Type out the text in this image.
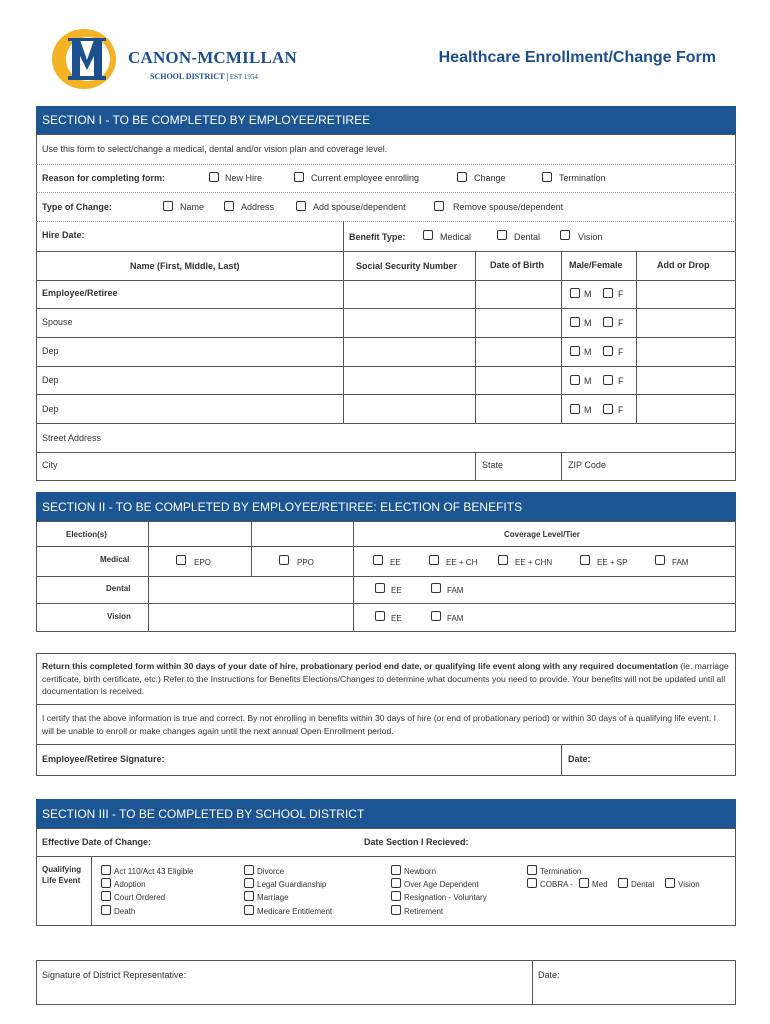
CANON-MCMILLAN
SCHOOL DISTRICT | EST 1954
Healthcare Enrollment/Change Form
SECTION I - TO BE COMPLETED BY EMPLOYEE/RETIREE
Use this form to select/change a medical, dental and/or vision plan and coverage level.
Reason for completing form:	New Hire	Current employee enrolling	Change	Termination
Type of Change:	Name	Address	Add spouse/dependent	Remove spouse/dependent
Hire Date:	Benefit Type:	Medical	Dental	Vision
Name (First, Middle, Last)	Social Security Number	Date of Birth	Male/Female	Add or Drop
Employee/Retiree	M	F
Spouse	M	F
Dep	M	F
Dep	M	F
Dep	M	F
Street Address
City	State	ZIP Code
SECTION II - TO BE COMPLETED BY EMPLOYEE/RETIREE: ELECTION OF BENEFITS
Election(s)	Coverage Level/Tier
Medical	EPO	PPO	EE	EE + CH	EE + CHN	EE + SP	FAM
Dental	EE	FAM
Vision	EE	FAM
Return this completed form within 30 days of your date of hire, probationary period end date, or qualifying life event along with any required documentation (ie. marriage certificate, birth certificate, etc.) Refer to the Instructions for Benefits Elections/Changes to determine what documents you need to provide. Your benefits will not be updated until all documentation is received.
I certify that the above information is true and correct. By not enrolling in benefits within 30 days of hire (or end of probationary period) or within 30 days of a qualifying life event, I will be unable to enroll or make changes again until the next annual Open Enrollment period.
Employee/Retiree Signature:	Date:
SECTION III - TO BE COMPLETED BY SCHOOL DISTRICT
Effective Date of Change:	Date Section I Recieved:
Qualifying
Life Event
Act 110/Act 43 Eligible
Adoption
Court Ordered
Death
Divorce
Legal Guardianship
Marriage
Medicare Entitlement
Newborn
Over Age Dependent
Resignation - Voluntary
Retirement
Termination
COBRA - Med	Dental	Vision
Signature of District Representative:	Date:
